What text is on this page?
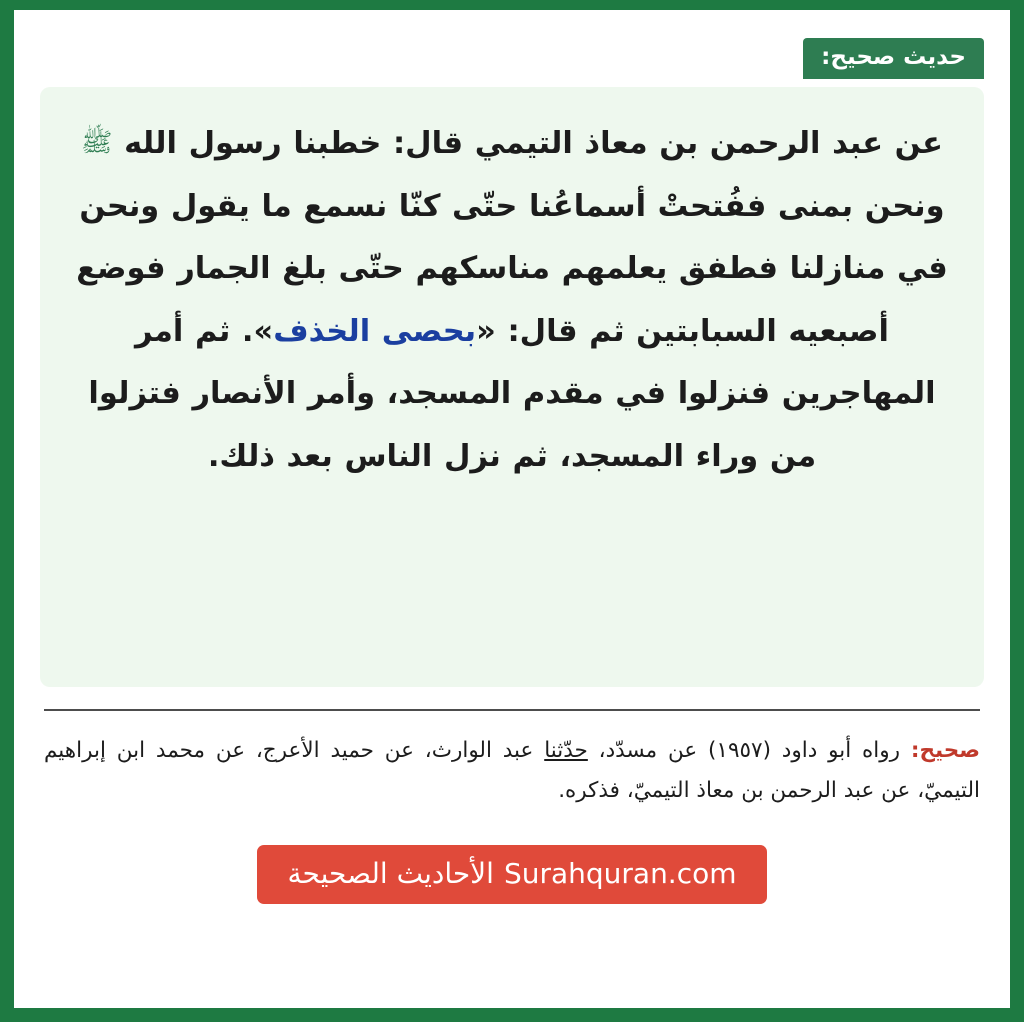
حديث صحيح:
عن عبد الرحمن بن معاذ التيمي قال: خطبنا رسول الله ﷺ ونحن بمنى ففُتحتْ أسماعُنا حتّى كنّا نسمع ما يقول ونحن في منازلنا فطفق يعلمهم مناسكهم حتّى بلغ الجمار فوضع أصبعيه السبابتين ثم قال: «بحصى الخذف». ثم أمر المهاجرين فنزلوا في مقدم المسجد، وأمر الأنصار فتزلوا من وراء المسجد، ثم نزل الناس بعد ذلك.
صحيح: رواه أبو داود (١٩٥٧) عن مسدّد، حدّثنا عبد الوارث، عن حميد الأعرج، عن محمد ابن إبراهيم التيميّ، عن عبد الرحمن بن معاذ التيميّ، فذكره.
Surahquran.com
الأحاديث الصحيحة
